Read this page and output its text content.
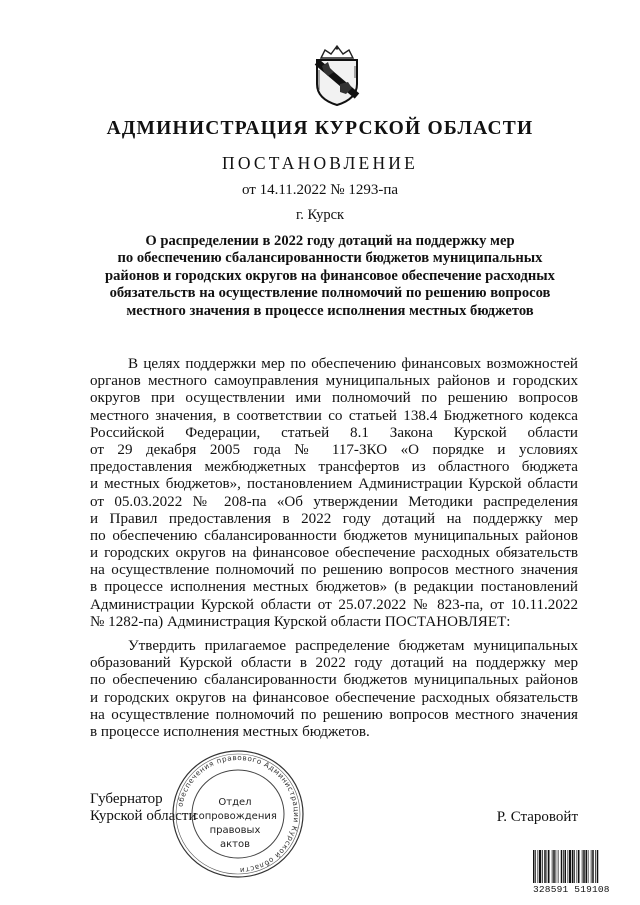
АДМИНИСТРАЦИЯ КУРСКОЙ ОБЛАСТИ
ПОСТАНОВЛЕНИЕ
от 14.11.2022 № 1293-па
г. Курск
О распределении в 2022 году дотаций на поддержку мер
по обеспечению сбалансированности бюджетов муниципальных
районов и городских округов на финансовое обеспечение расходных
обязательств на осуществление полномочий по решению вопросов
местного значения в процессе исполнения местных бюджетов
В целях поддержки мер по обеспечению финансовых возможностей
органов местного самоуправления муниципальных районов и городских
округов при осуществлении ими полномочий по решению вопросов
местного значения, в соответствии со статьей 138.4 Бюджетного кодекса
Российской Федерации, статьей 8.1 Закона Курской области
от 29 декабря 2005 года № 117-ЗКО «О порядке и условиях
предоставления межбюджетных трансфертов из областного бюджета
и местных бюджетов», постановлением Администрации Курской области
от 05.03.2022 № 208-па «Об утверждении Методики распределения
и Правил предоставления в 2022 году дотаций на поддержку мер
по обеспечению сбалансированности бюджетов муниципальных районов
и городских округов на финансовое обеспечение расходных обязательств
на осуществление полномочий по решению вопросов местного значения
в процессе исполнения местных бюджетов» (в редакции постановлений
Администрации Курской области от 25.07.2022 № 823-па, от 10.11.2022
№ 1282-па) Администрация Курской области ПОСТАНОВЛЯЕТ:
Утвердить прилагаемое распределение бюджетам муниципальных
образований Курской области в 2022 году дотаций на поддержку мер
по обеспечению сбалансированности бюджетов муниципальных районов
и городских округов на финансовое обеспечение расходных обязательств
на осуществление полномочий по решению вопросов местного значения
в процессе исполнения местных бюджетов.
Губернатор
Курской области	Р. Старовойт
обеспечения правового Администрации Курской области
Отдел
сопровождения
правовых
актов
328591 519108
